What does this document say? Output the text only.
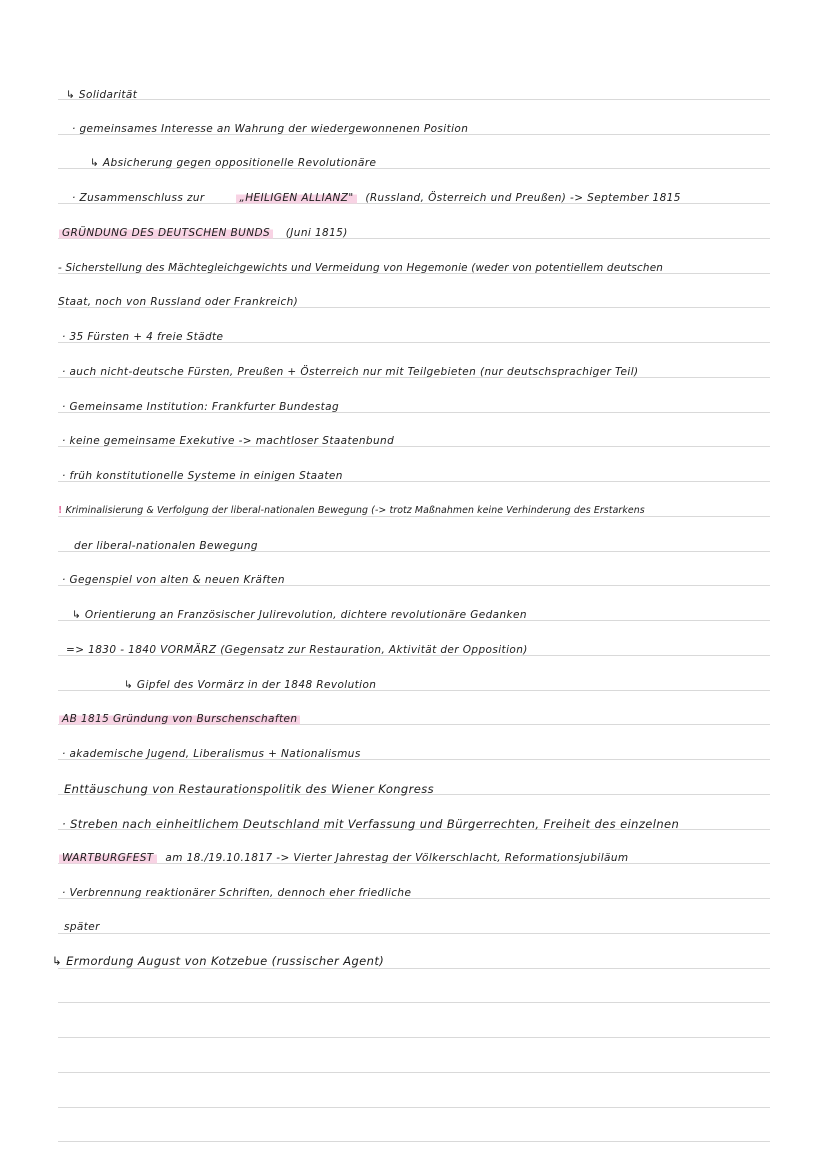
↳ Solidarität
· gemeinsames Interesse an Wahrung der wiedergewonnenen Position
↳ Absicherung gegen oppositionelle Revolutionäre
· Zusammenschluss zur	„HEILIGEN ALLIANZ" (Russland, Österreich und Preußen) -> September 1815
GRÜNDUNG DES DEUTSCHEN BUNDS (Juni 1815)
- Sicherstellung des Mächtegleichgewichts und Vermeidung von Hegemonie (weder von potentiellem deutschen
Staat, noch von Russland oder Frankreich)
· 35 Fürsten + 4 freie Städte
· auch nicht-deutsche Fürsten, Preußen + Österreich nur mit Teilgebieten (nur deutschsprachiger Teil)
· Gemeinsame Institution: Frankfurter Bundestag
· keine gemeinsame Exekutive -> machtloser Staatenbund
· früh konstitutionelle Systeme in einigen Staaten
! Kriminalisierung & Verfolgung der liberal-nationalen Bewegung (-> trotz Maßnahmen keine Verhinderung des Erstarkens
der liberal-nationalen Bewegung
· Gegenspiel von alten & neuen Kräften
↳ Orientierung an Französischer Julirevolution, dichtere revolutionäre Gedanken
=> 1830 - 1840 VORMÄRZ (Gegensatz zur Restauration, Aktivität der Opposition)
↳ Gipfel des Vormärz in der 1848 Revolution
AB 1815 Gründung von Burschenschaften
· akademische Jugend, Liberalismus + Nationalismus
Enttäuschung von Restaurationspolitik des Wiener Kongress
· Streben nach einheitlichem Deutschland mit Verfassung und Bürgerrechten, Freiheit des einzelnen
WARTBURGFEST am 18./19.10.1817 -> Vierter Jahrestag der Völkerschlacht, Reformationsjubiläum
· Verbrennung reaktionärer Schriften, dennoch eher friedliche
später
↳ Ermordung August von Kotzebue (russischer Agent)
